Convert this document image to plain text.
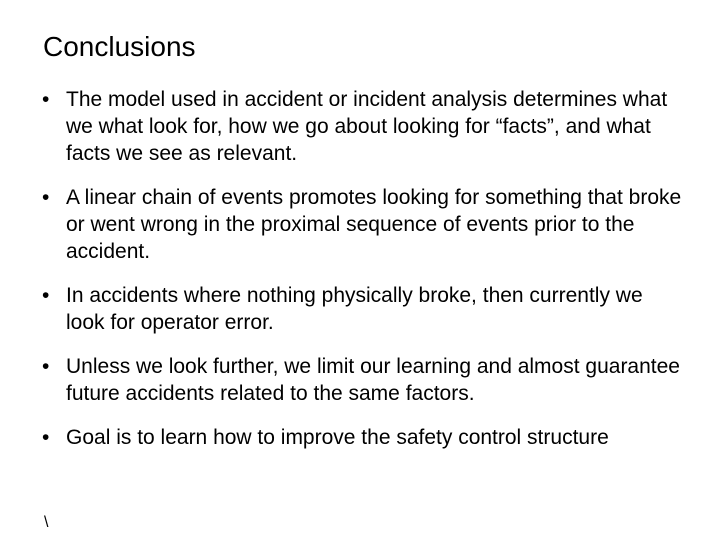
Conclusions
• The model used in accident or incident analysis determines what we what look for, how we go about looking for “facts”, and what facts we see as relevant.
• A linear chain of events promotes looking for something that broke or went wrong in the proximal sequence of events prior to the accident.
• In accidents where nothing physically broke, then currently we look for operator error.
• Unless we look further, we limit our learning and almost guarantee future accidents related to the same factors.
• Goal is to learn how to improve the safety control structure
\
